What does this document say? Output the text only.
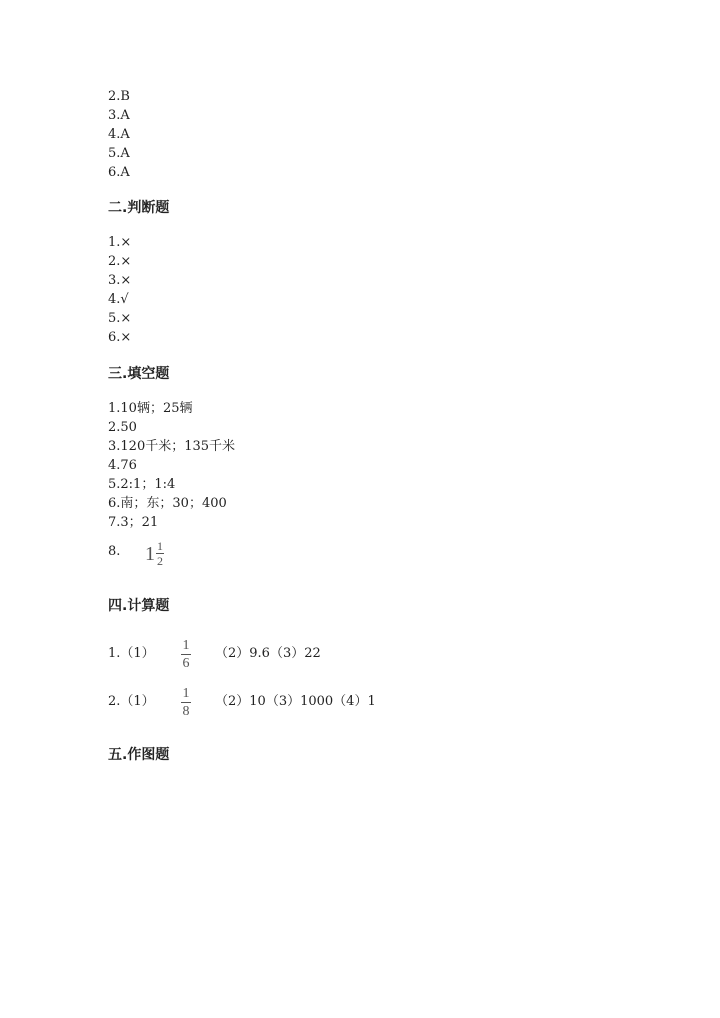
2.B
3.A
4.A
5.A
6.A
二.判断题
1.×
2.×
3.×
4.√
5.×
6.×
三.填空题
1.10辆；25辆
2.50
3.120千米；135千米
4.76
5.2:1；1:4
6.南；东；30；400
7.3；21
8. $1 \frac{1}{2}$
四.计算题
1.（1）
1
6
（2）9.6（3）22
2.（1）
1
8
（2）10（3）1000（4）1
五.作图题
